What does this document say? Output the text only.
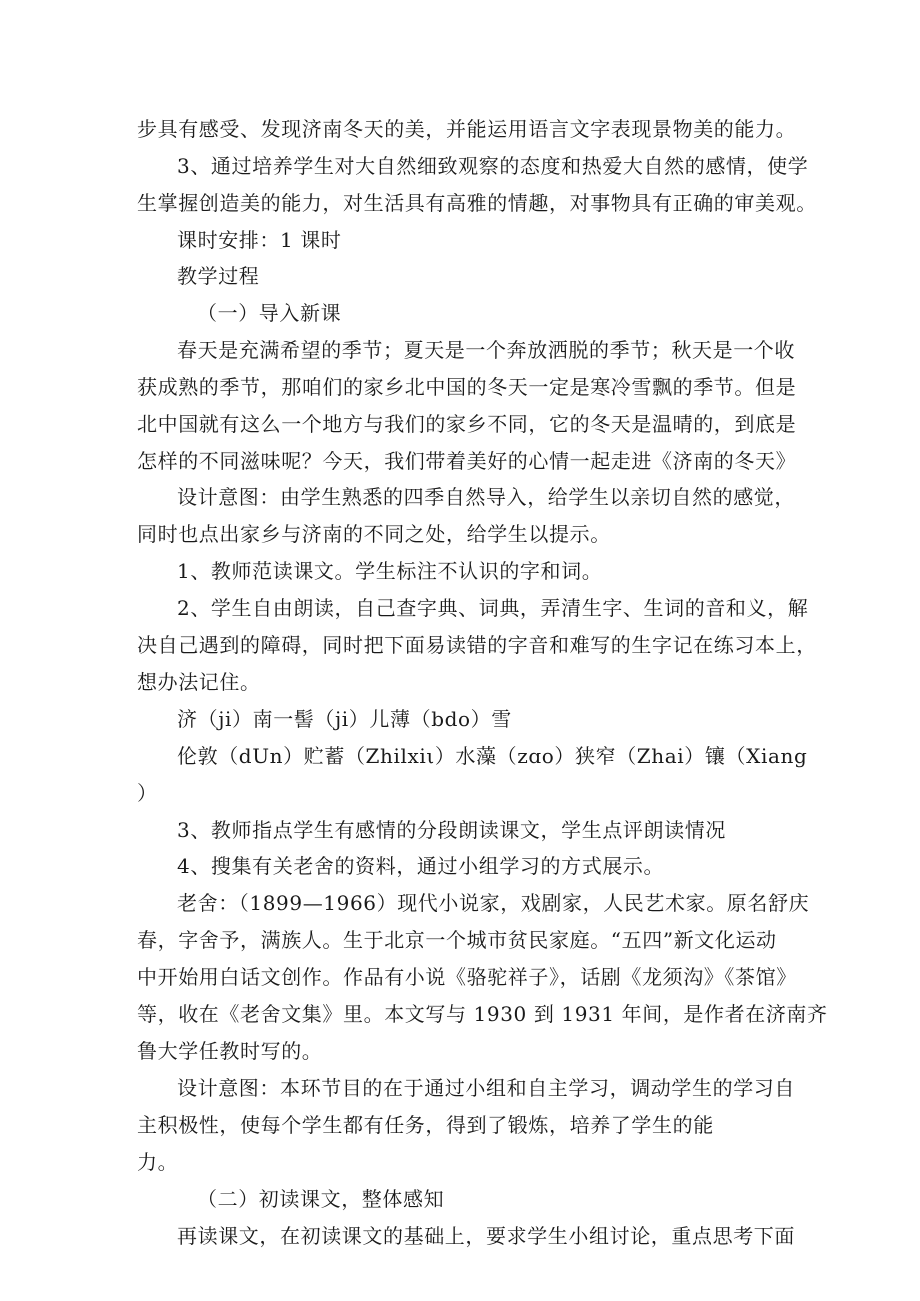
步具有感受、发现济南冬天的美，并能运用语言文字表现景物美的能力。
3、通过培养学生对大自然细致观察的态度和热爱大自然的感情，使学
生掌握创造美的能力，对生活具有高雅的情趣，对事物具有正确的审美观。
课时安排：1 课时
教学过程
（一）导入新课
春天是充满希望的季节；夏天是一个奔放洒脱的季节；秋天是一个收
获成熟的季节，那咱们的家乡北中国的冬天一定是寒冷雪飘的季节。但是
北中国就有这么一个地方与我们的家乡不同，它的冬天是温晴的，到底是
怎样的不同滋味呢？今天，我们带着美好的心情一起走进《济南的冬天》
设计意图：由学生熟悉的四季自然导入，给学生以亲切自然的感觉，
同时也点出家乡与济南的不同之处，给学生以提示。
1、教师范读课文。学生标注不认识的字和词。
2、学生自由朗读，自己查字典、词典，弄清生字、生词的音和义，解
决自己遇到的障碍，同时把下面易读错的字音和难写的生字记在练习本上，
想办法记住。
济（ji）南一髻（ji）儿薄（bdo）雪
伦敦（dUn）贮蓄（Zhilxiι）水藻（zɑo）狭窄（Zhai）镶（Xiang
）
3、教师指点学生有感情的分段朗读课文，学生点评朗读情况
4、搜集有关老舍的资料，通过小组学习的方式展示。
老舍：（1899—1966）现代小说家，戏剧家，人民艺术家。原名舒庆
春，字舍予，满族人。生于北京一个城市贫民家庭。“五四”新文化运动
中开始用白话文创作。作品有小说《骆驼祥子》，话剧《龙须沟》《茶馆》
等，收在《老舍文集》里。本文写与 1930 到 1931 年间，是作者在济南齐
鲁大学任教时写的。
设计意图：本环节目的在于通过小组和自主学习，调动学生的学习自
主积极性，使每个学生都有任务，得到了锻炼，培养了学生的能
力。
（二）初读课文，整体感知
再读课文，在初读课文的基础上，要求学生小组讨论，重点思考下面
